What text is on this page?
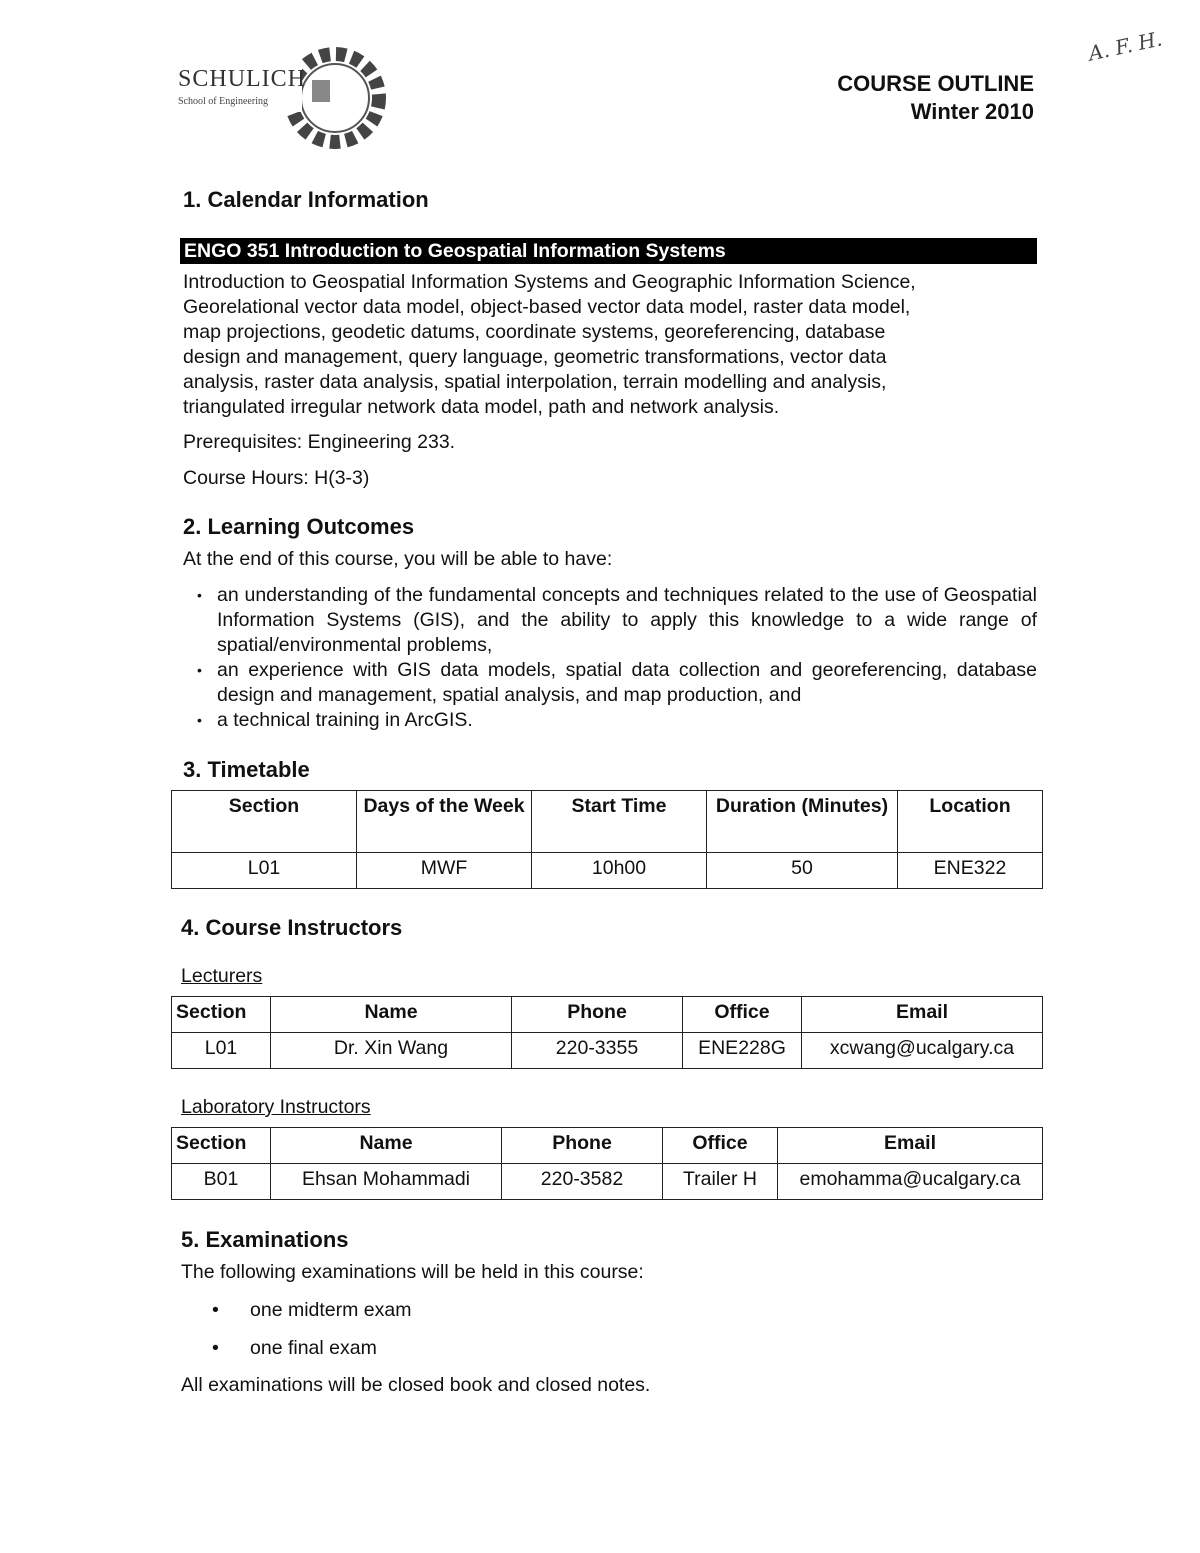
SCHULICH
School of Engineering
COURSE OUTLINE
Winter 2010
A. F. H.
1. Calendar Information
ENGO 351 Introduction to Geospatial Information Systems
Introduction to Geospatial Information Systems and Geographic Information Science,
Georelational vector data model, object-based vector data model, raster data model,
map projections, geodetic datums, coordinate systems, georeferencing, database
design and management, query language, geometric transformations, vector data
analysis, raster data analysis, spatial interpolation, terrain modelling and analysis,
triangulated irregular network data model, path and network analysis.
Prerequisites: Engineering 233.
Course Hours: H(3-3)
2. Learning Outcomes
At the end of this course, you will be able to have:
• an understanding of the fundamental concepts and techniques related to the use of Geospatial Information Systems (GIS), and the ability to apply this knowledge to a wide range of spatial/environmental problems,
• an experience with GIS data models, spatial data collection and georeferencing, database design and management, spatial analysis, and map production, and
• a technical training in ArcGIS.
3. Timetable
Section	Days of the Week	Start Time	Duration (Minutes)	Location
L01	MWF	10h00	50	ENE322
4. Course Instructors
Lecturers
Section	Name	Phone	Office	Email
L01	Dr. Xin Wang	220-3355	ENE228G	xcwang@ucalgary.ca
Laboratory Instructors
Section	Name	Phone	Office	Email
B01	Ehsan Mohammadi	220-3582	Trailer H	emohamma@ucalgary.ca
5. Examinations
The following examinations will be held in this course:
• one midterm exam
• one final exam
All examinations will be closed book and closed notes.
